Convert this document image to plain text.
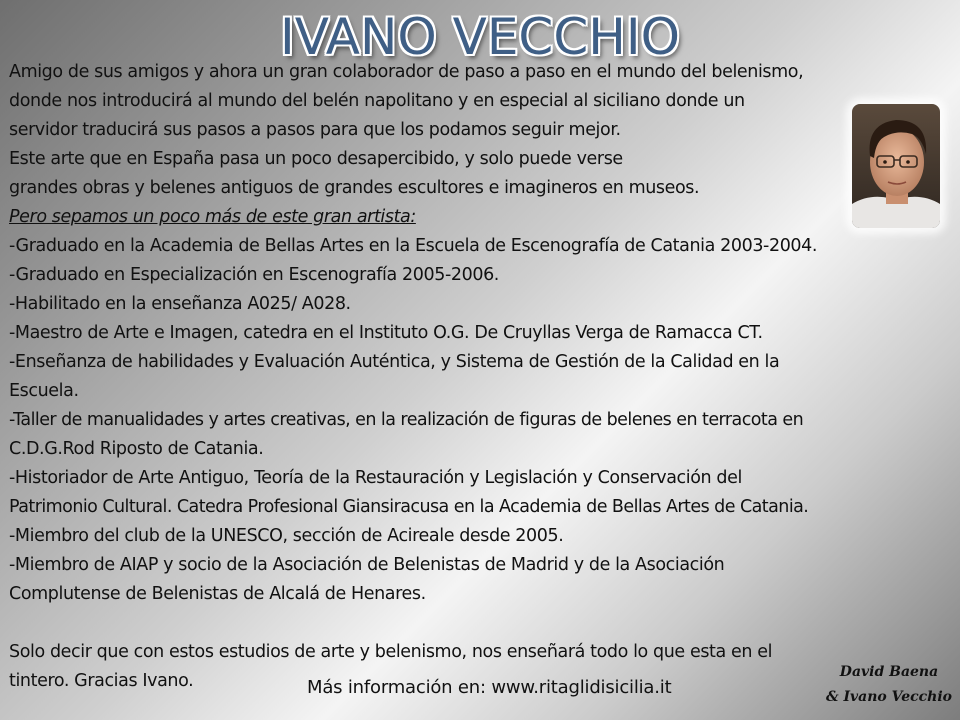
IVANO VECCHIO

Amigo de sus amigos y ahora un gran colaborador de paso a paso en el mundo del belenismo,

donde nos introducirá al mundo del belén napolitano y en especial al siciliano donde un

servidor traducirá sus pasos a pasos para que los podamos seguir mejor.

Este arte que en España pasa un poco desapercibido, y solo puede verse

grandes obras y belenes antiguos de grandes escultores e imagineros en museos.

Pero sepamos un poco más de este gran artista:

-Graduado en la Academia de Bellas Artes en la Escuela de Escenografía de Catania 2003-2004.

-Graduado en Especialización en Escenografía 2005-2006.

-Habilitado en la enseñanza A025/ A028.

-Maestro de Arte e Imagen, catedra en el Instituto O.G. De Cruyllas Verga de Ramacca CT.

-Enseñanza de habilidades y Evaluación Auténtica, y Sistema de Gestión de la Calidad en la

Escuela.

-Taller de manualidades y artes creativas, en la realización de figuras de belenes en terracota en

C.D.G.Rod Riposto de Catania.

-Historiador de Arte Antiguo, Teoría de la Restauración y Legislación y Conservación del

Patrimonio Cultural. Catedra Profesional Giansiracusa en la Academia de Bellas Artes de Catania.

-Miembro del club de la UNESCO, sección de Acireale desde 2005.

-Miembro de AIAP y socio de la Asociación de Belenistas de Madrid y de la Asociación

Complutense de Belenistas de Alcalá de Henares.

Solo decir que con estos estudios de arte y belenismo, nos enseñará todo lo que esta en el

tintero. Gracias Ivano.	Más información en: www.ritaglidisicilia.it
David Baena
& Ivano Vecchio
